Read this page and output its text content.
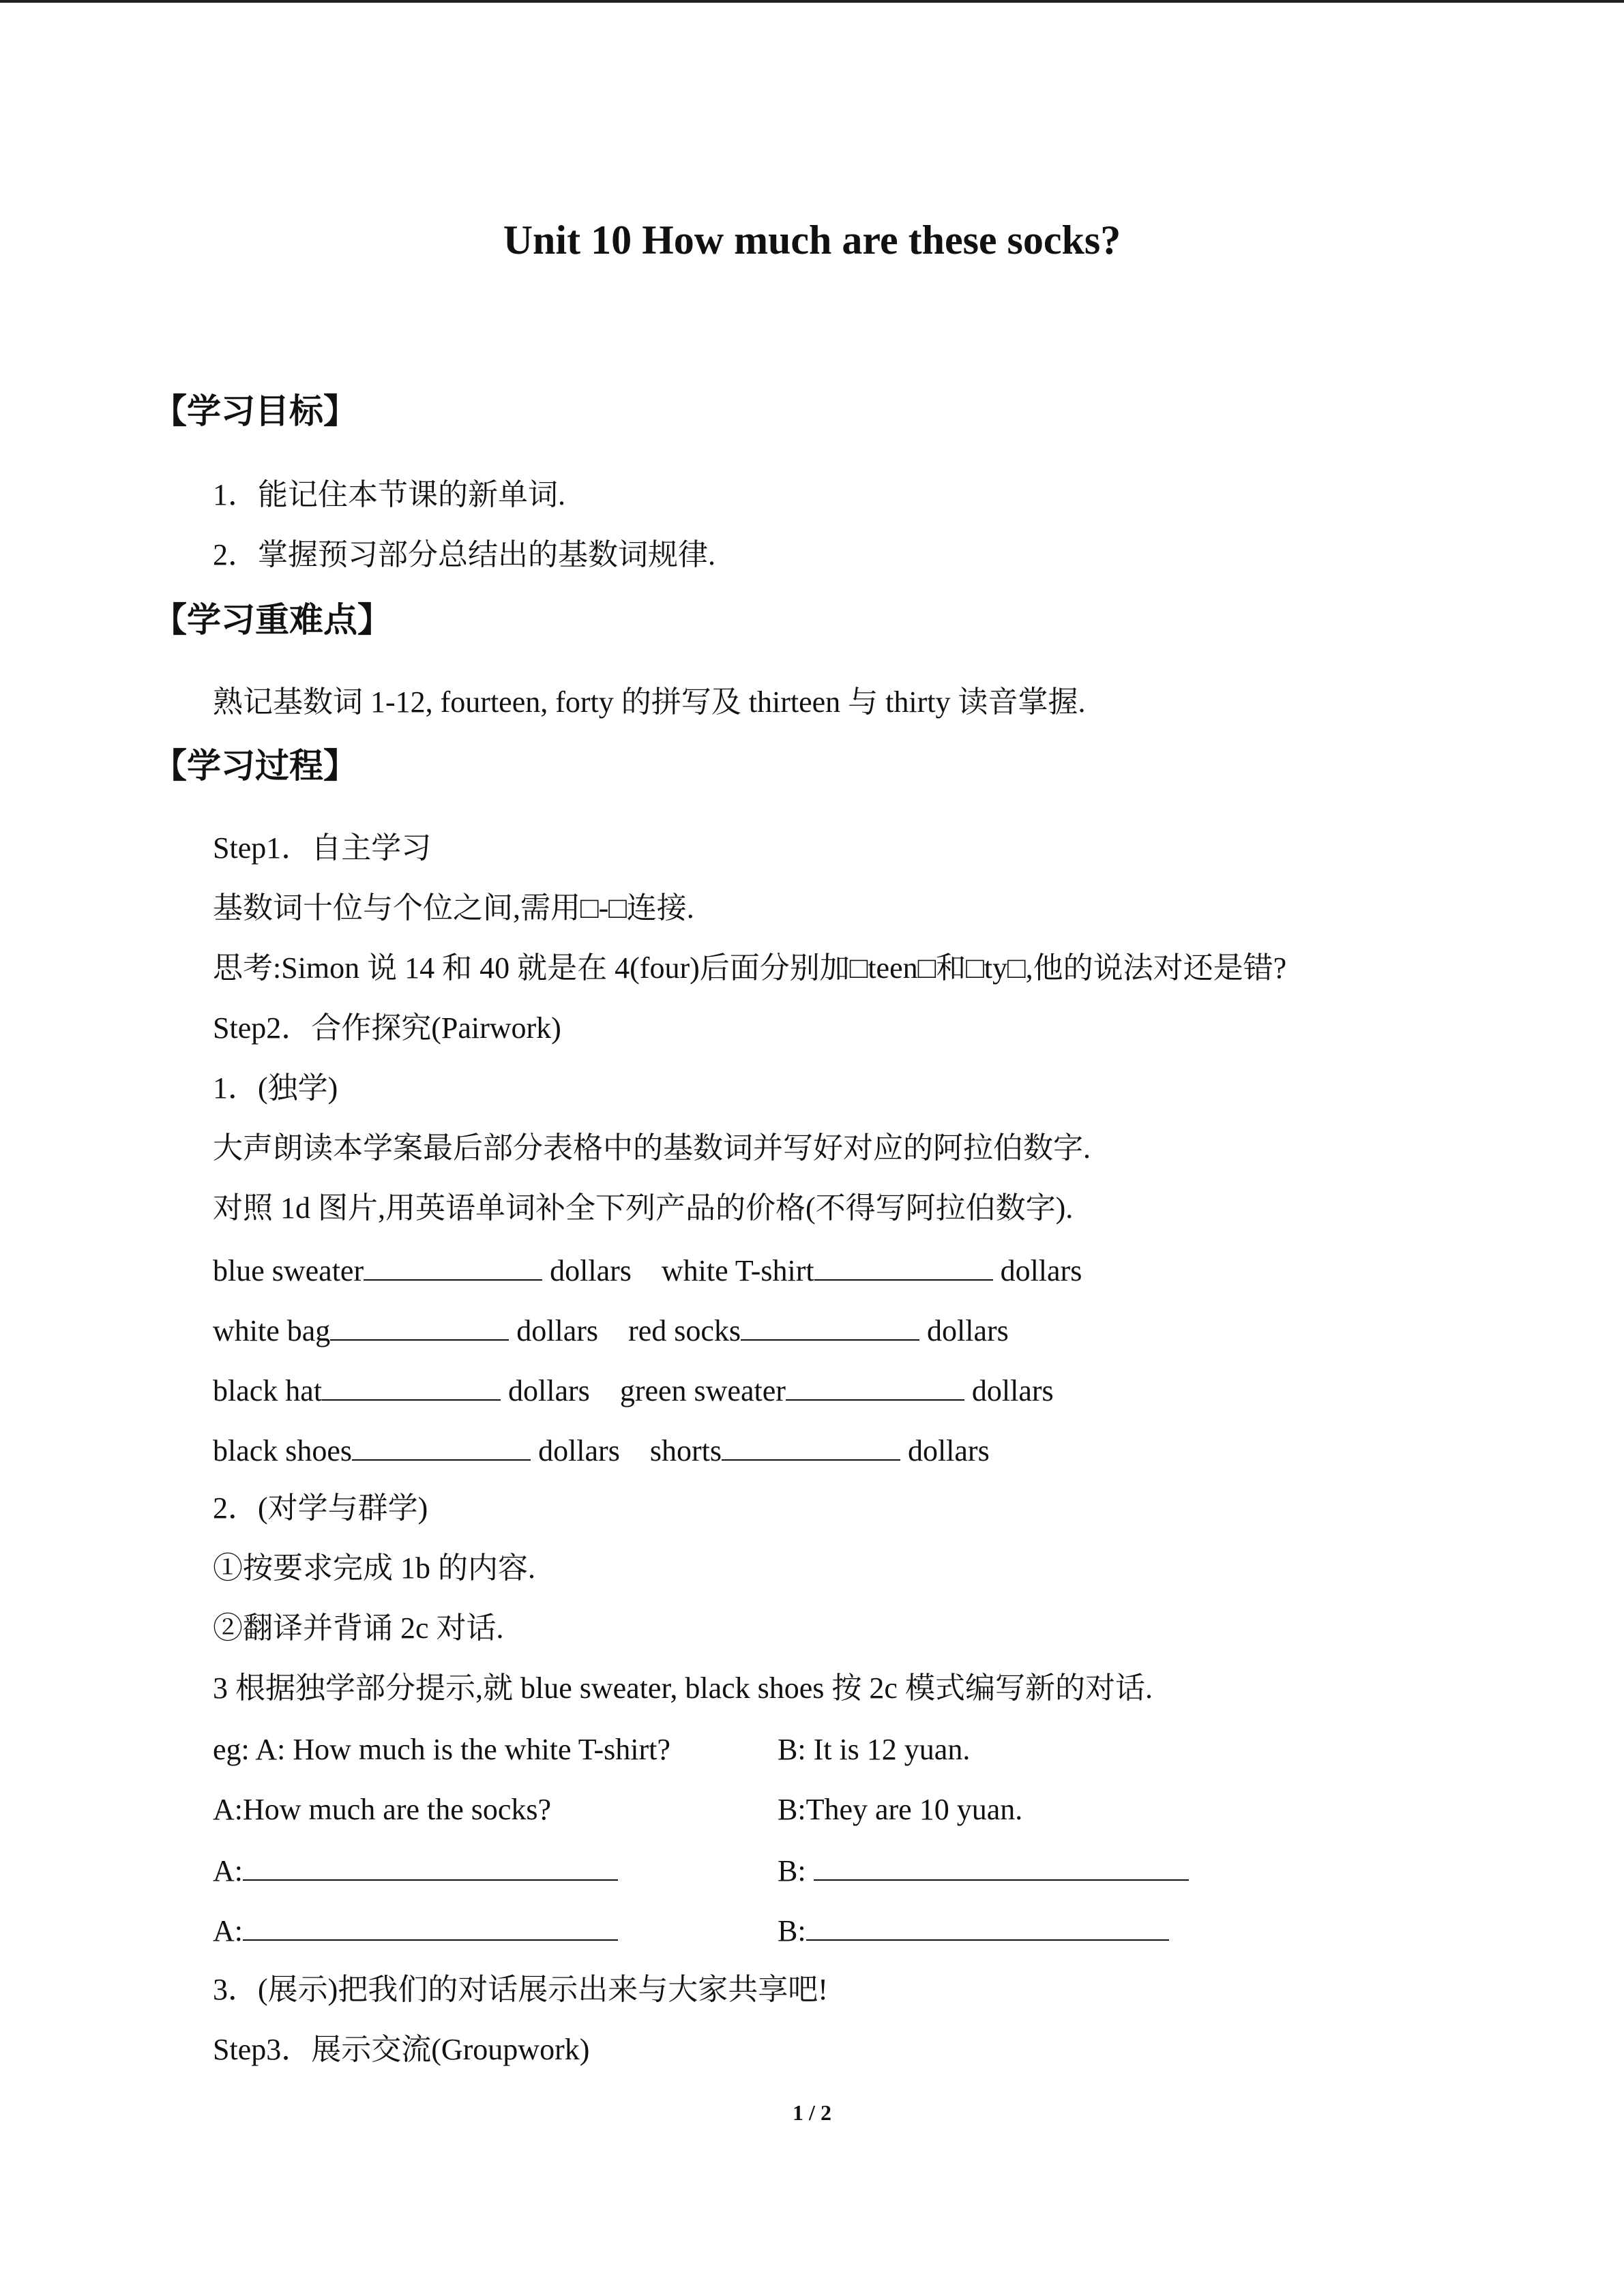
Unit 10 How much are these socks?
【学习目标】
1．能记住本节课的新单词.
2．掌握预习部分总结出的基数词规律.
【学习重难点】
熟记基数词 1-12, fourteen, forty 的拼写及 thirteen 与 thirty 读音掌握.
【学习过程】
Step1．自主学习
基数词十位与个位之间,需用□-□连接.
思考:Simon 说 14 和 40 就是在 4(four)后面分别加□teen□和□ty□,他的说法对还是错?
Step2．合作探究(Pairwork)
1．(独学)
大声朗读本学案最后部分表格中的基数词并写好对应的阿拉伯数字.
对照 1d 图片,用英语单词补全下列产品的价格(不得写阿拉伯数字).
blue sweater	dollars white T-shirt	dollars
white bag	dollars red socks	dollars
black hat	dollars green sweater	dollars
black shoes	dollars shorts	dollars
2．(对学与群学)
①按要求完成 1b 的内容.
②翻译并背诵 2c 对话.
3 根据独学部分提示,就 blue sweater, black shoes 按 2c 模式编写新的对话.
eg: A: How much is the white T-shirt?	B: It is 12 yuan.
A:How much are the socks?	B:They are 10 yuan.
A:	B:
A:	B:
3．(展示)把我们的对话展示出来与大家共享吧!
Step3．展示交流(Groupwork)
1 / 2
